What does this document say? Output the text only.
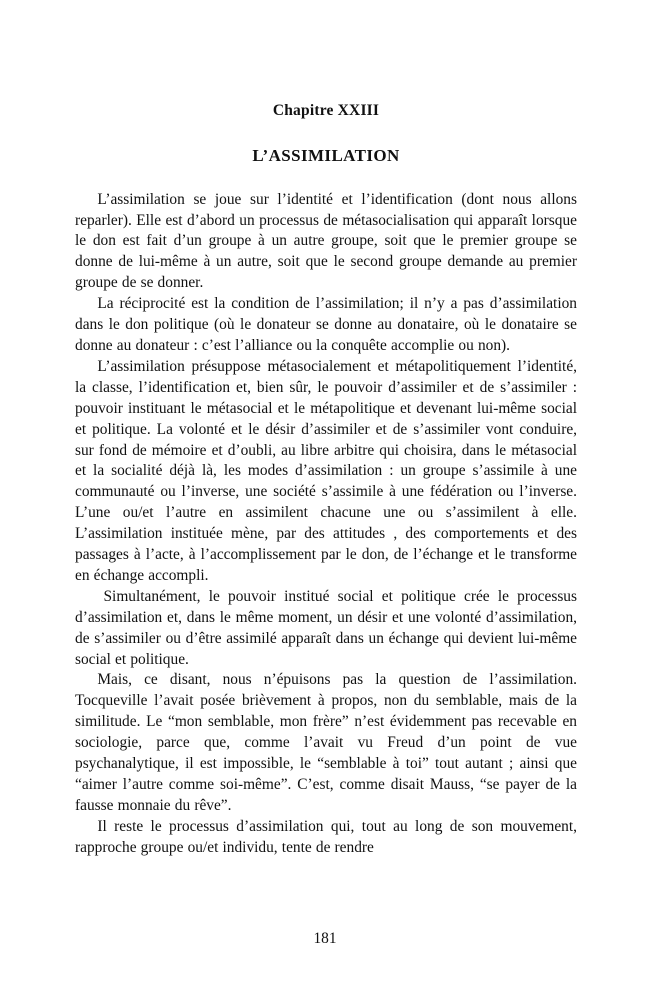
Chapitre XXIII
L’ASSIMILATION

L’assimilation se joue sur l’identité et l’identification (dont nous allons reparler). Elle est d’abord un processus de métasocialisation qui apparaît lorsque le don est fait d’un groupe à un autre groupe, soit que le premier groupe se donne de lui-même à un autre, soit que le second groupe demande au premier groupe de se donner.

La réciprocité est la condition de l’assimilation; il n’y a pas d’assimilation dans le don politique (où le donateur se donne au donataire, où le donataire se donne au donateur : c’est l’alliance ou la conquête accomplie ou non).

L’assimilation présuppose métasocialement et métapolitiquement l’identité, la classe, l’identification et, bien sûr, le pouvoir d’assimiler et de s’assimiler : pouvoir instituant le métasocial et le métapolitique et devenant lui-même social et politique. La volonté et le désir d’assimiler et de s’assimiler vont conduire, sur fond de mémoire et d’oubli, au libre arbitre qui choisira, dans le métasocial et la socialité déjà là, les modes d’assimilation : un groupe s’assimile à une communauté ou l’inverse, une société s’assimile à une fédération ou l’inverse. L’une ou/et l’autre en assimilent chacune une ou s’assimilent à elle. L’assimilation instituée mène, par des attitudes , des comportements et des passages à l’acte, à l’accomplissement par le don, de l’échange et le transforme en échange accompli.

Simultanément, le pouvoir institué social et politique crée le processus d’assimilation et, dans le même moment, un désir et une volonté d’assimilation, de s’assimiler ou d’être assimilé apparaît dans un échange qui devient lui-même social et politique.

Mais, ce disant, nous n’épuisons pas la question de l’assimilation. Tocqueville l’avait posée brièvement à propos, non du semblable, mais de la similitude. Le “mon semblable, mon frère” n’est évidemment pas recevable en sociologie, parce que, comme l’avait vu Freud d’un point de vue psychanalytique, il est impossible, le “semblable à toi” tout autant ; ainsi que “aimer l’autre comme soi-même”. C’est, comme disait Mauss, “se payer de la fausse monnaie du rêve”.

Il reste le processus d’assimilation qui, tout au long de son mouvement, rapproche groupe ou/et individu, tente de rendre

181
